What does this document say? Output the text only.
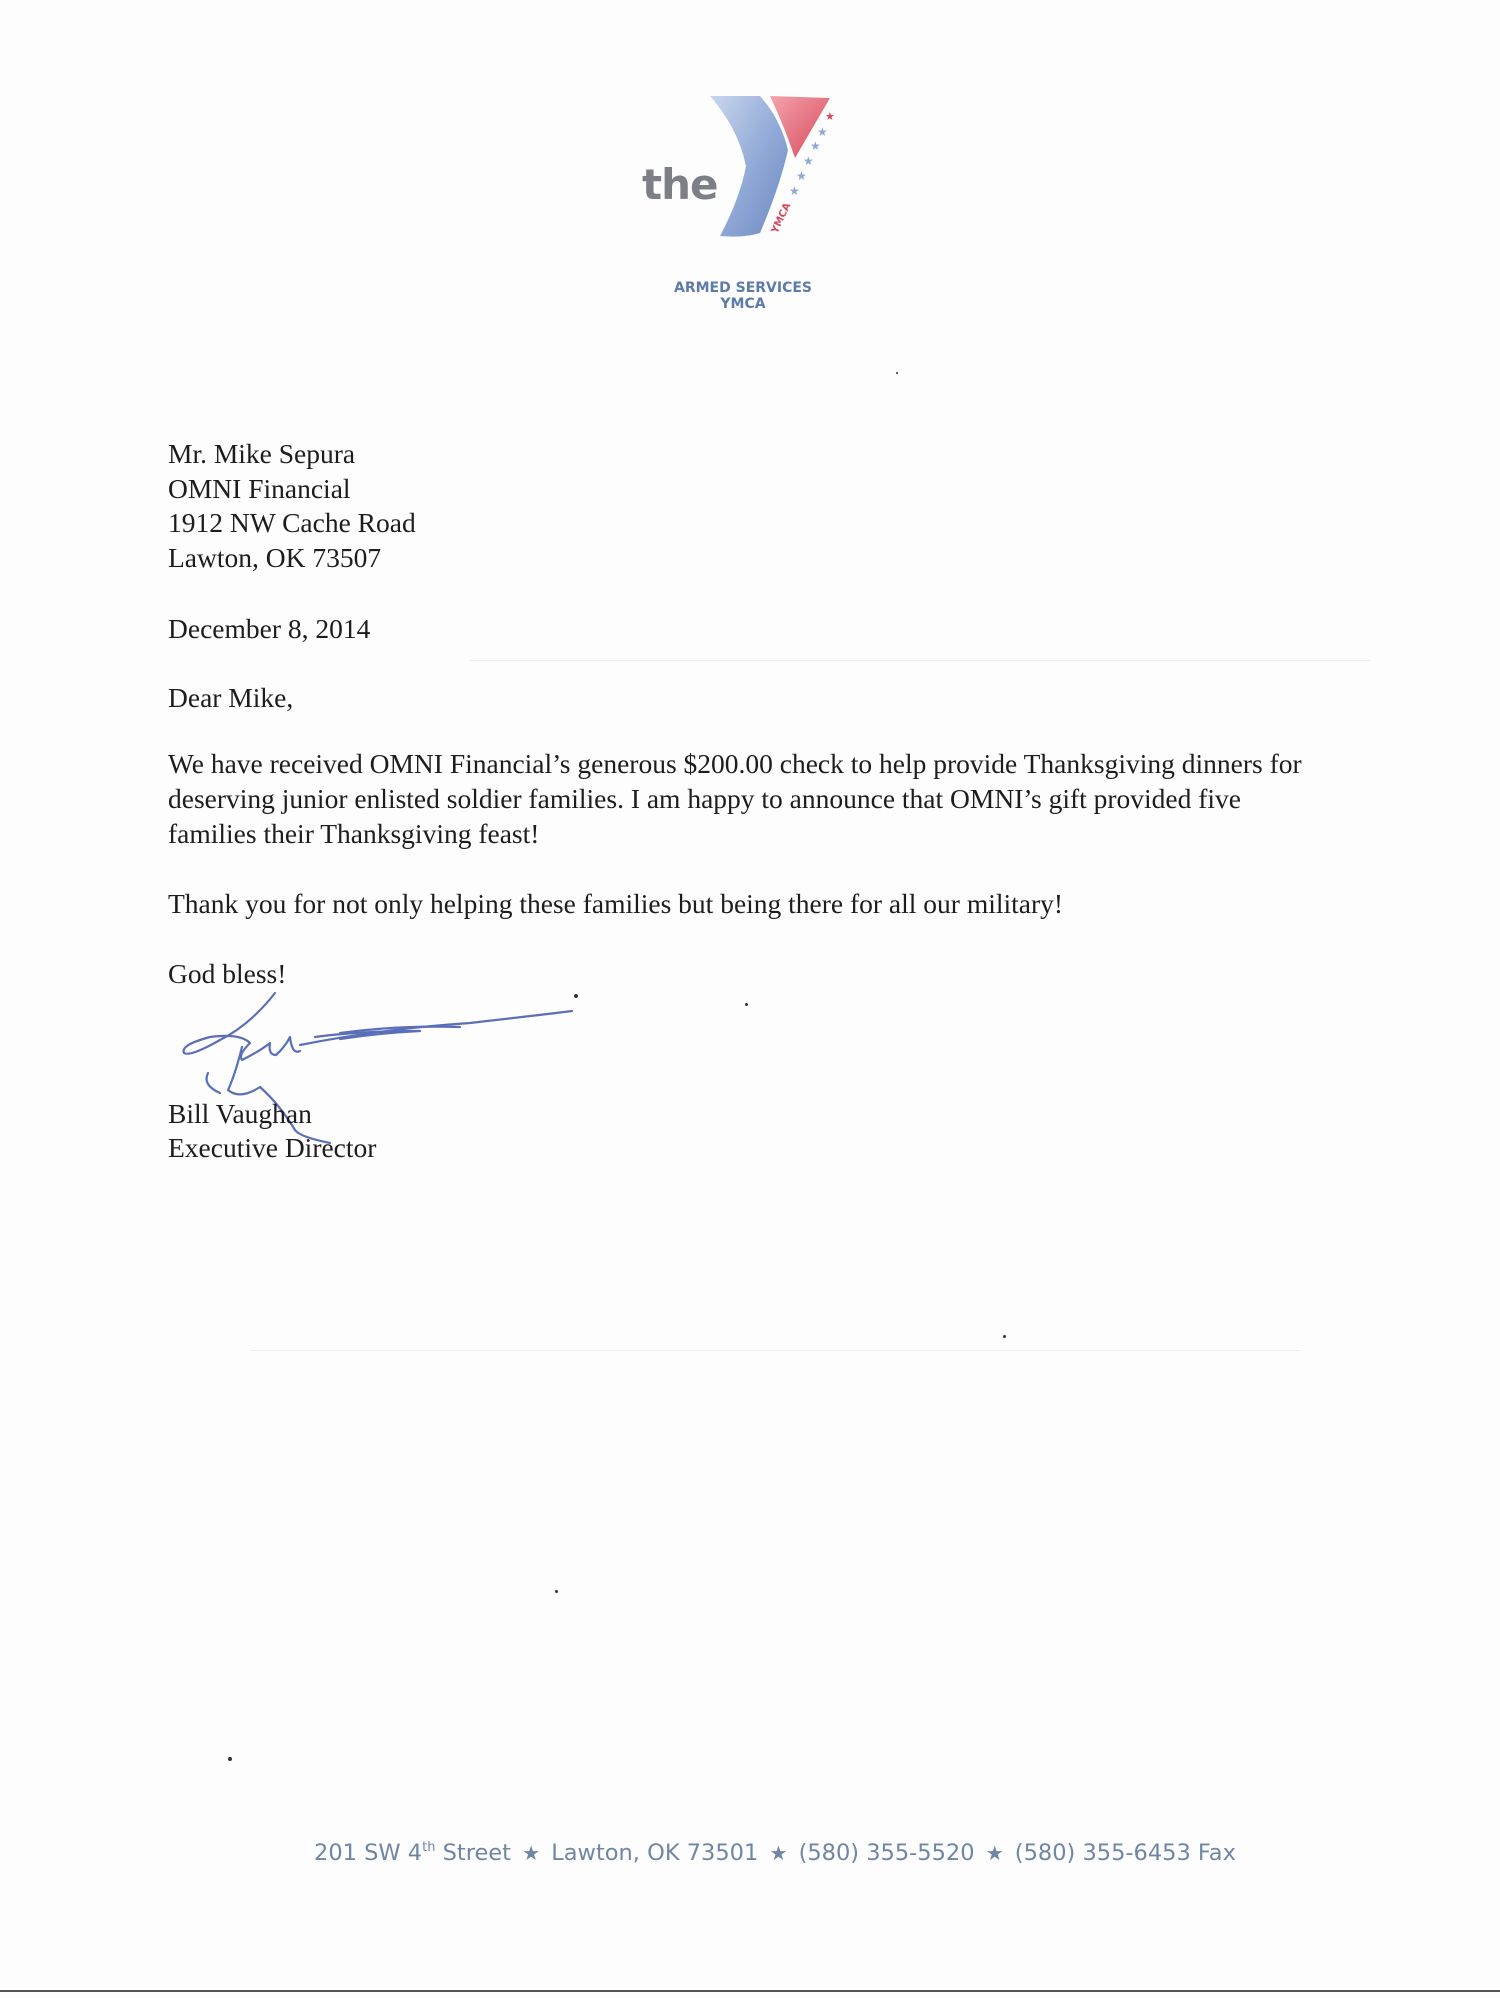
★
★
★
★
★
★
YMCA
the
ARMED SERVICES YMCA
Mr. Mike Sepura
OMNI Financial
1912 NW Cache Road
Lawton, OK 73507
December 8, 2014
Dear Mike,
We have received OMNI Financial’s generous $200.00 check to help provide Thanksgiving dinners for deserving junior enlisted soldier families. I am happy to announce that OMNI’s gift provided five families their Thanksgiving feast!
Thank you for not only helping these families but being there for all our military!
God bless!
Bill Vaughan
Executive Director
201 SW 4th Street ★ Lawton, OK 73501 ★ (580) 355-5520 ★ (580) 355-6453 Fax
